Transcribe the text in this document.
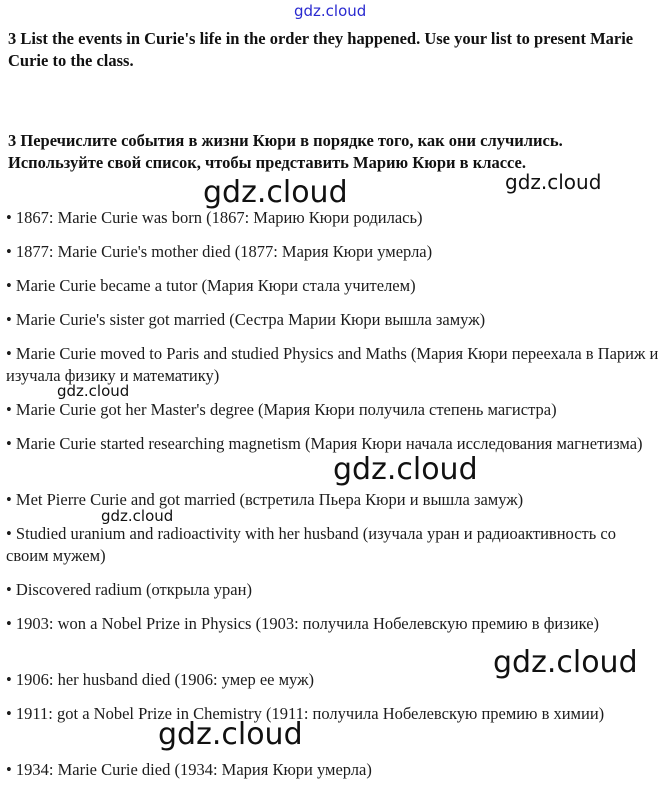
gdz.cloud
3 List the events in Curie's life in the order they happened. Use your list to present Marie Curie to the class.
3 Перечислите события в жизни Кюри в порядке того, как они случились. Используйте свой список, чтобы представить Марию Кюри в классе.
• 1867: Marie Curie was born (1867: Марию Кюри родилась)
• 1877: Marie Curie's mother died (1877: Мария Кюри умерла)
• Marie Curie became a tutor (Мария Кюри стала учителем)
• Marie Curie's sister got married (Сестра Марии Кюри вышла замуж)
• Marie Curie moved to Paris and studied Physics and Maths (Мария Кюри переехала в Париж и изучала физику и математику)
• Marie Curie got her Master's degree (Мария Кюри получила степень магистра)
• Marie Curie started researching magnetism (Мария Кюри начала исследования магнетизма)
• Met Pierre Curie and got married (встретила Пьера Кюри и вышла замуж)
• Studied uranium and radioactivity with her husband (изучала уран и радиоактивность со своим мужем)
• Discovered radium (открыла уран)
• 1903: won a Nobel Prize in Physics (1903: получила Нобелевскую премию в физике)
• 1906: her husband died (1906: умер ее муж)
• 1911: got a Nobel Prize in Chemistry (1911: получила Нобелевскую премию в химии)
• 1934: Marie Curie died (1934: Мария Кюри умерла)
gdz.cloud	gdz.cloud
gdz.cloud
gdz.cloud
gdz.cloud
gdz.cloud
gdz.cloud
